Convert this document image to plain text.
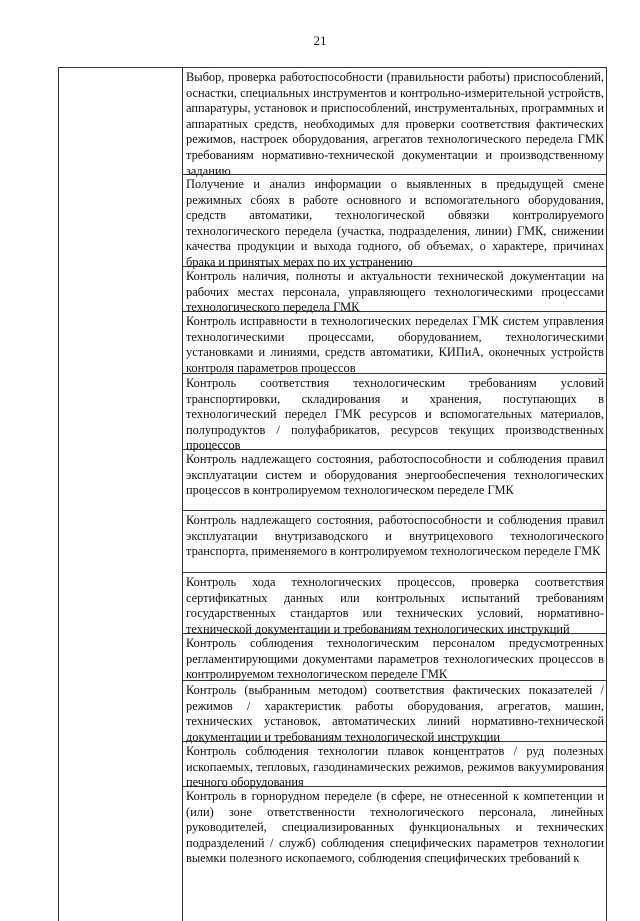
21
Выбор, проверка работоспособности (правильности работы) приспособлений, оснастки, специальных инструментов и контрольно-измерительной устройств, аппаратуры, установок и приспособлений, инструментальных, программных и аппаратных средств, необходимых для проверки соответствия фактических режимов, настроек оборудования, агрегатов технологического передела ГМК требованиям нормативно-технической документации и производственному заданию
Получение и анализ информации о выявленных в предыдущей смене режимных сбоях в работе основного и вспомогательного оборудования, средств автоматики, технологической обвязки контролируемого технологического передела (участка, подразделения, линии) ГМК, снижении качества продукции и выхода годного, об объемах, о характере, причинах брака и принятых мерах по их устранению
Контроль наличия, полноты и актуальности технической документации на рабочих местах персонала, управляющего технологическими процессами технологического передела ГМК
Контроль исправности в технологических переделах ГМК систем управления технологическими процессами, оборудованием, технологическими установками и линиями, средств автоматики, КИПиА, оконечных устройств контроля параметров процессов
Контроль соответствия технологическим требованиям условий транспортировки, складирования и хранения, поступающих в технологический передел ГМК ресурсов и вспомогательных материалов, полупродуктов / полуфабрикатов, ресурсов текущих производственных процессов
Контроль надлежащего состояния, работоспособности и соблюдения правил эксплуатации систем и оборудования энергообеспечения технологических процессов в контролируемом технологическом переделе ГМК
Контроль надлежащего состояния, работоспособности и соблюдения правил эксплуатации внутризаводского и внутрицехового технологического транспорта, применяемого в контролируемом технологическом переделе ГМК
Контроль хода технологических процессов, проверка соответствия сертификатных данных или контрольных испытаний требованиям государственных стандартов или технических условий, нормативно-технической документации и требованиям технологических инструкций
Контроль соблюдения технологическим персоналом предусмотренных регламентирующими документами параметров технологических процессов в контролируемом технологическом переделе ГМК
Контроль (выбранным методом) соответствия фактических показателей / режимов / характеристик работы оборудования, агрегатов, машин, технических установок, автоматических линий нормативно-технической документации и требованиям технологической инструкции
Контроль соблюдения технологии плавок концентратов / руд полезных ископаемых, тепловых, газодинамических режимов, режимов вакуумирования печного оборудования
Контроль в горнорудном переделе (в сфере, не отнесенной к компетенции и (или) зоне ответственности технологического персонала, линейных руководителей, специализированных функциональных и технических подразделений / служб) соблюдения специфических параметров технологии выемки полезного ископаемого, соблюдения специфических требований к
